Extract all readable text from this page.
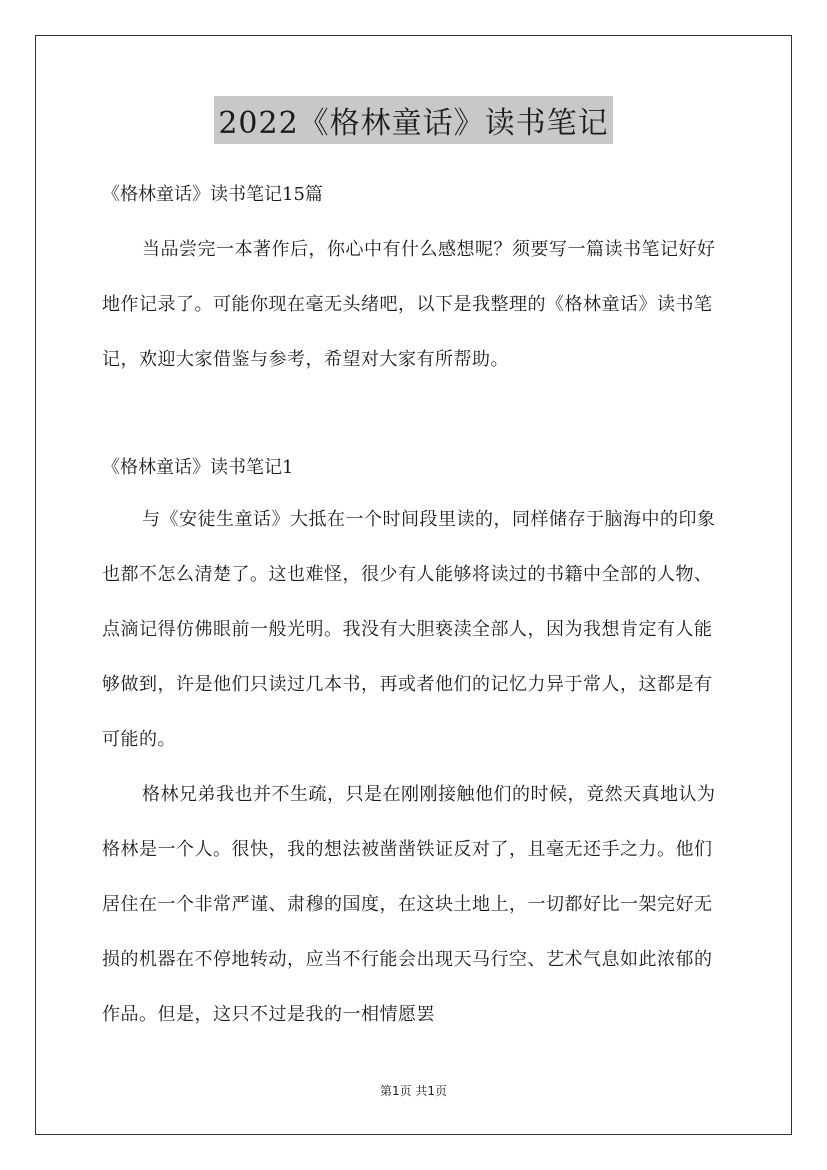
2022《格林童话》读书笔记
《格林童话》读书笔记15篇
当品尝完一本著作后，你心中有什么感想呢？须要写一篇读书笔记好好地作记录了。可能你现在毫无头绪吧，以下是我整理的《格林童话》读书笔记，欢迎大家借鉴与参考，希望对大家有所帮助。
《格林童话》读书笔记1
与《安徒生童话》大抵在一个时间段里读的，同样储存于脑海中的印象也都不怎么清楚了。这也难怪，很少有人能够将读过的书籍中全部的人物、点滴记得仿佛眼前一般光明。我没有大胆亵渎全部人，因为我想肯定有人能够做到，许是他们只读过几本书，再或者他们的记忆力异于常人，这都是有可能的。
格林兄弟我也并不生疏，只是在刚刚接触他们的时候，竟然天真地认为格林是一个人。很快，我的想法被凿凿铁证反对了，且毫无还手之力。他们居住在一个非常严谨、肃穆的国度，在这块土地上，一切都好比一架完好无损的机器在不停地转动，应当不行能会出现天马行空、艺术气息如此浓郁的作品。但是，这只不过是我的一相情愿罢
第1页 共1页
